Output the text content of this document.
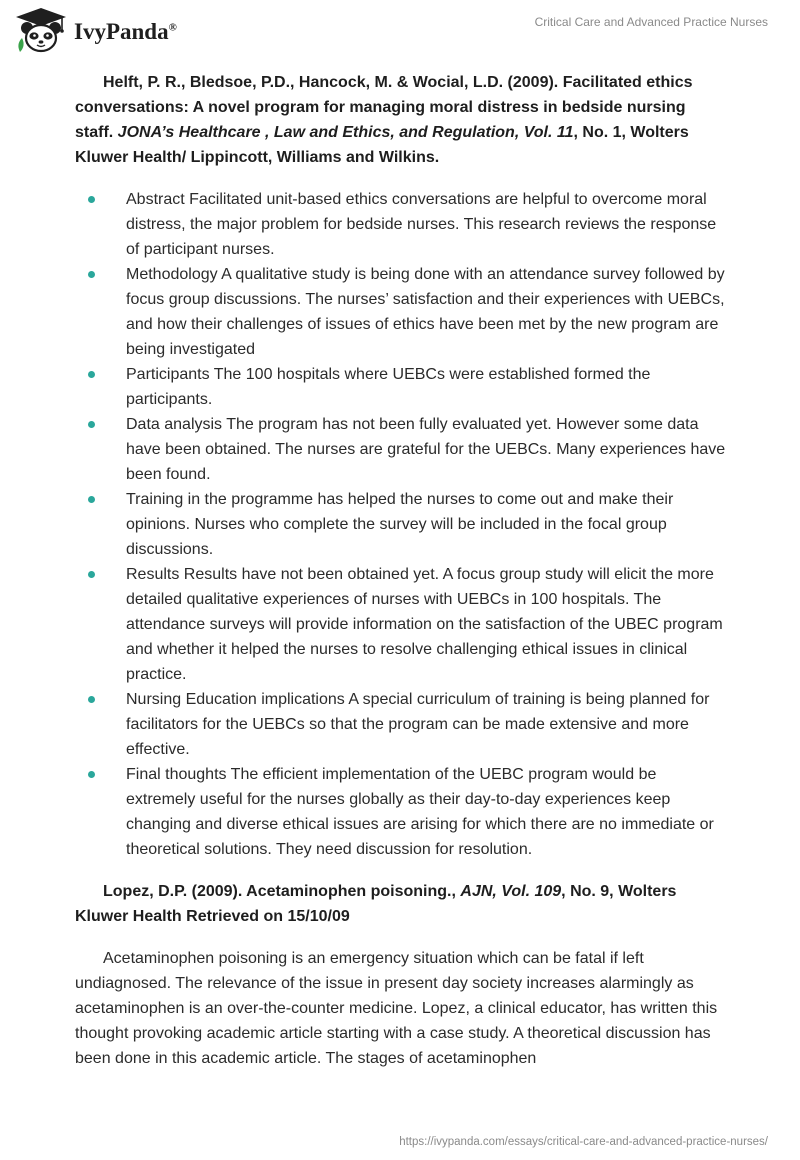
IvyPanda®	Critical Care and Advanced Practice Nurses

Helft, P. R., Bledsoe, P.D., Hancock, M. & Wocial, L.D. (2009). Facilitated ethics conversations: A novel program for managing moral distress in bedside nursing staff. JONA’s Healthcare , Law and Ethics, and Regulation, Vol. 11, No. 1, Wolters Kluwer Health/ Lippincott, Williams and Wilkins.

Abstract Facilitated unit-based ethics conversations are helpful to overcome moral distress, the major problem for bedside nurses. This research reviews the response of participant nurses.
Methodology A qualitative study is being done with an attendance survey followed by focus group discussions. The nurses’ satisfaction and their experiences with UEBCs, and how their challenges of issues of ethics have been met by the new program are being investigated
Participants The 100 hospitals where UEBCs were established formed the participants.
Data analysis The program has not been fully evaluated yet. However some data have been obtained. The nurses are grateful for the UEBCs. Many experiences have been found.
Training in the programme has helped the nurses to come out and make their opinions. Nurses who complete the survey will be included in the focal group discussions.
Results Results have not been obtained yet. A focus group study will elicit the more detailed qualitative experiences of nurses with UEBCs in 100 hospitals. The attendance surveys will provide information on the satisfaction of the UBEC program and whether it helped the nurses to resolve challenging ethical issues in clinical practice.
Nursing Education implications A special curriculum of training is being planned for facilitators for the UEBCs so that the program can be made extensive and more effective.
Final thoughts The efficient implementation of the UEBC program would be extremely useful for the nurses globally as their day-to-day experiences keep changing and diverse ethical issues are arising for which there are no immediate or theoretical solutions. They need discussion for resolution.

Lopez, D.P. (2009). Acetaminophen poisoning., AJN, Vol. 109, No. 9, Wolters Kluwer Health Retrieved on 15/10/09

Acetaminophen poisoning is an emergency situation which can be fatal if left undiagnosed. The relevance of the issue in present day society increases alarmingly as acetaminophen is an over-the-counter medicine. Lopez, a clinical educator, has written this thought provoking academic article starting with a case study. A theoretical discussion has been done in this academic article. The stages of acetaminophen

https://ivypanda.com/essays/critical-care-and-advanced-practice-nurses/
